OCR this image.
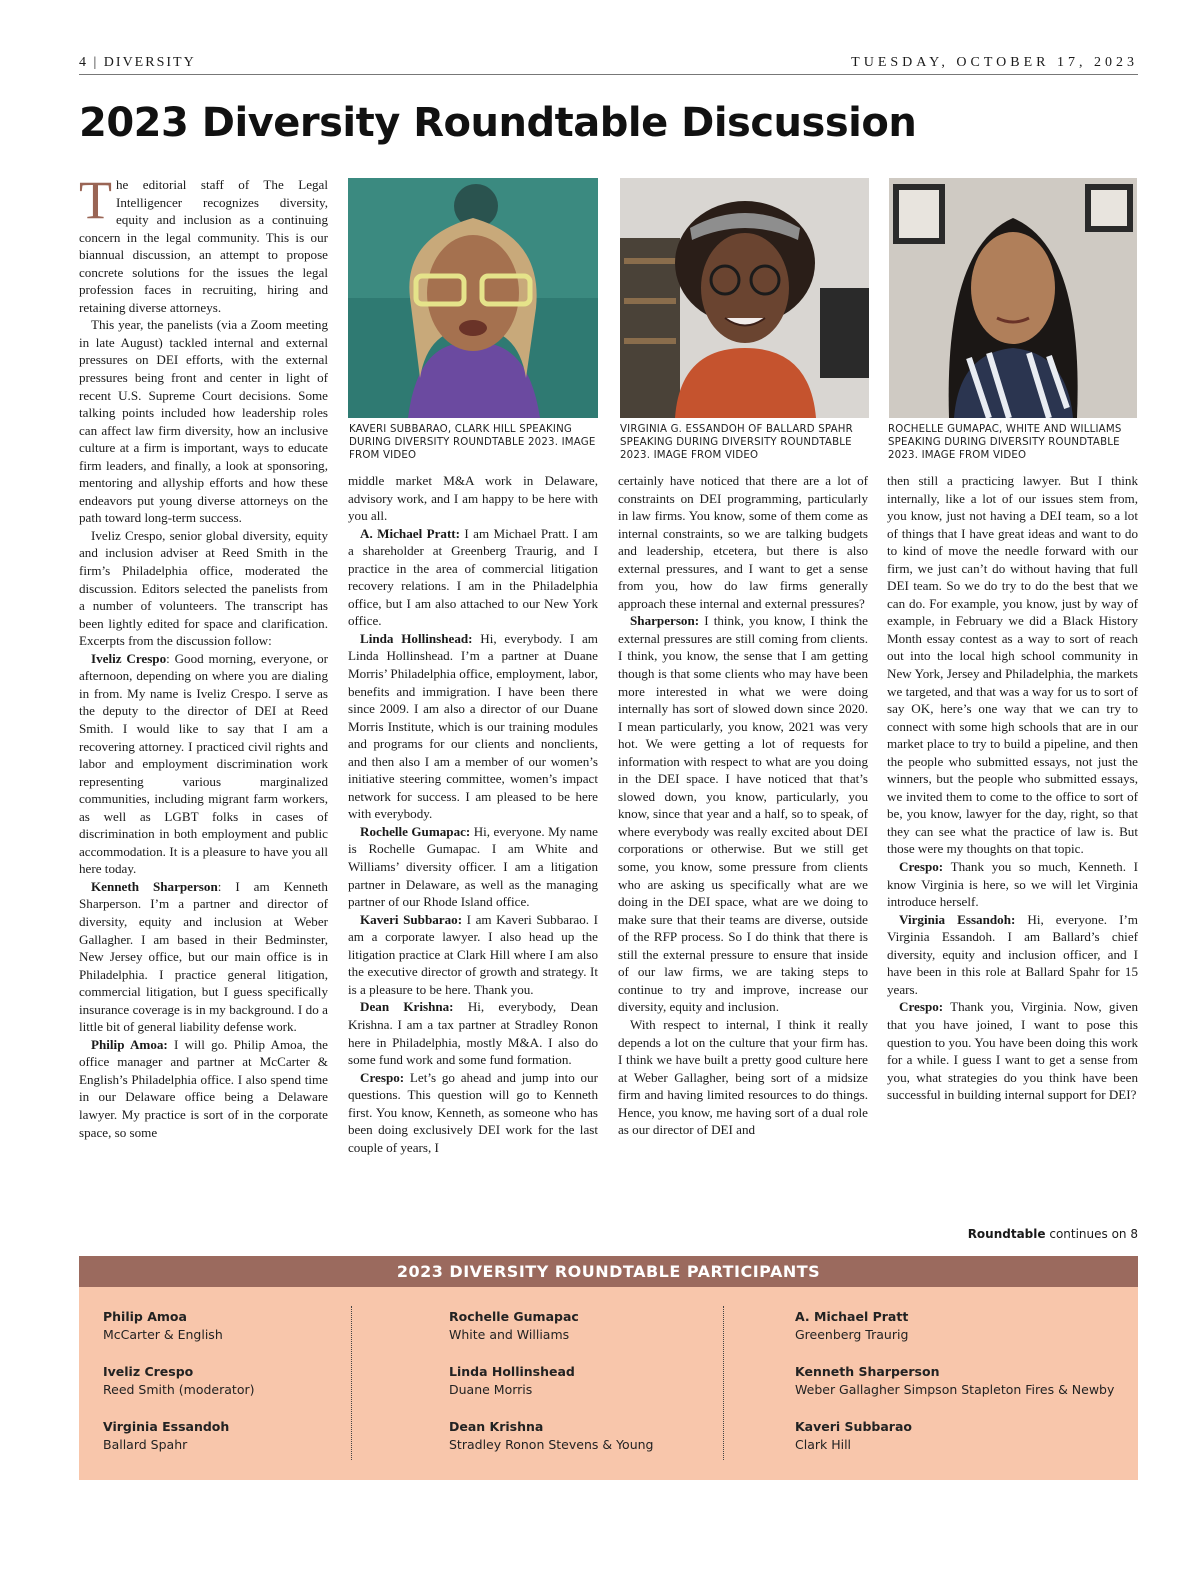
4 | DIVERSITY	TUESDAY, OCTOBER 17, 2023
2023 Diversity Roundtable Discussion
KAVERI SUBBARAO, CLARK HILL SPEAKING DURING DIVERSITY ROUNDTABLE 2023. IMAGE FROM VIDEO
VIRGINIA G. ESSANDOH OF BALLARD SPAHR SPEAKING DURING DIVERSITY ROUNDTABLE 2023. IMAGE FROM VIDEO
ROCHELLE GUMAPAC, WHITE AND WILLIAMS SPEAKING DURING DIVERSITY ROUNDTABLE 2023. IMAGE FROM VIDEO

The editorial staff of The Legal Intelligencer recognizes diversity, equity and inclusion as a continuing concern in the legal community. This is our biannual discussion, an attempt to propose concrete solutions for the issues the legal profession faces in recruiting, hiring and retaining diverse attorneys.

This year, the panelists (via a Zoom meeting in late August) tackled internal and external pressures on DEI efforts, with the external pressures being front and center in light of recent U.S. Supreme Court decisions. Some talking points included how leadership roles can affect law firm diversity, how an inclusive culture at a firm is important, ways to educate firm leaders, and finally, a look at sponsoring, mentoring and allyship efforts and how these endeavors put young diverse attorneys on the path toward long-term success.

Iveliz Crespo, senior global diversity, equity and inclusion adviser at Reed Smith in the firm’s Philadelphia office, moderated the discussion. Editors selected the panelists from a number of volunteers. The transcript has been lightly edited for space and clarification. Excerpts from the discussion follow:

Iveliz Crespo: Good morning, everyone, or afternoon, depending on where you are dialing in from. My name is Iveliz Crespo. I serve as the deputy to the director of DEI at Reed Smith. I would like to say that I am a recovering attorney. I practiced civil rights and labor and employment discrimination work representing various marginalized communities, including migrant farm workers, as well as LGBT folks in cases of discrimination in both employment and public accommodation. It is a pleasure to have you all here today.

Kenneth Sharperson: I am Kenneth Sharperson. I’m a partner and director of diversity, equity and inclusion at Weber Gallagher. I am based in their Bedminster, New Jersey office, but our main office is in Philadelphia. I practice general litigation, commercial litigation, but I guess specifically insurance coverage is in my background. I do a little bit of general liability defense work.

Philip Amoa: I will go. Philip Amoa, the office manager and partner at McCarter & English’s Philadelphia office. I also spend time in our Delaware office being a Delaware lawyer. My practice is sort of in the corporate space, so some

middle market M&A work in Delaware, advisory work, and I am happy to be here with you all.

A. Michael Pratt: I am Michael Pratt. I am a shareholder at Greenberg Traurig, and I practice in the area of commercial litigation recovery relations. I am in the Philadelphia office, but I am also attached to our New York office.

Linda Hollinshead: Hi, everybody. I am Linda Hollinshead. I’m a partner at Duane Morris’ Philadelphia office, employment, labor, benefits and immigration. I have been there since 2009. I am also a director of our Duane Morris Institute, which is our training modules and programs for our clients and nonclients, and then also I am a member of our women’s initiative steering committee, women’s impact network for success. I am pleased to be here with everybody.

Rochelle Gumapac: Hi, everyone. My name is Rochelle Gumapac. I am White and Williams’ diversity officer. I am a litigation partner in Delaware, as well as the managing partner of our Rhode Island office.

Kaveri Subbarao: I am Kaveri Subbarao. I am a corporate lawyer. I also head up the litigation practice at Clark Hill where I am also the executive director of growth and strategy. It is a pleasure to be here. Thank you.

Dean Krishna: Hi, everybody, Dean Krishna. I am a tax partner at Stradley Ronon here in Philadelphia, mostly M&A. I also do some fund work and some fund formation.

Crespo: Let’s go ahead and jump into our questions. This question will go to Kenneth first. You know, Kenneth, as someone who has been doing exclusively DEI work for the last couple of years, I

certainly have noticed that there are a lot of constraints on DEI programming, particularly in law firms. You know, some of them come as internal constraints, so we are talking budgets and leadership, etcetera, but there is also external pressures, and I want to get a sense from you, how do law firms generally approach these internal and external pressures?

Sharperson: I think, you know, I think the external pressures are still coming from clients. I think, you know, the sense that I am getting though is that some clients who may have been more interested in what we were doing internally has sort of slowed down since 2020. I mean particularly, you know, 2021 was very hot. We were getting a lot of requests for information with respect to what are you doing in the DEI space. I have noticed that that’s slowed down, you know, particularly, you know, since that year and a half, so to speak, of where everybody was really excited about DEI corporations or otherwise. But we still get some, you know, some pressure from clients who are asking us specifically what are we doing in the DEI space, what are we doing to make sure that their teams are diverse, outside of the RFP process. So I do think that there is still the external pressure to ensure that inside of our law firms, we are taking steps to continue to try and improve, increase our diversity, equity and inclusion.

With respect to internal, I think it really depends a lot on the culture that your firm has. I think we have built a pretty good culture here at Weber Gallagher, being sort of a midsize firm and having limited resources to do things. Hence, you know, me having sort of a dual role as our director of DEI and

then still a practicing lawyer. But I think internally, like a lot of our issues stem from, you know, just not having a DEI team, so a lot of things that I have great ideas and want to do to kind of move the needle forward with our firm, we just can’t do without having that full DEI team. So we do try to do the best that we can do. For example, you know, just by way of example, in February we did a Black History Month essay contest as a way to sort of reach out into the local high school community in New York, Jersey and Philadelphia, the markets we targeted, and that was a way for us to sort of say OK, here’s one way that we can try to connect with some high schools that are in our market place to try to build a pipeline, and then the people who submitted essays, not just the winners, but the people who submitted essays, we invited them to come to the office to sort of be, you know, lawyer for the day, right, so that they can see what the practice of law is. But those were my thoughts on that topic.

Crespo: Thank you so much, Kenneth. I know Virginia is here, so we will let Virginia introduce herself.

Virginia Essandoh: Hi, everyone. I’m Virginia Essandoh. I am Ballard’s chief diversity, equity and inclusion officer, and I have been in this role at Ballard Spahr for 15 years.

Crespo: Thank you, Virginia. Now, given that you have joined, I want to pose this question to you. You have been doing this work for a while. I guess I want to get a sense from you, what strategies do you think have been successful in building internal support for DEI?

Roundtable continues on 8
2023 DIVERSITY ROUNDTABLE PARTICIPANTS
Philip Amoa
McCarter & English
Iveliz Crespo
Reed Smith (moderator)
Virginia Essandoh
Ballard Spahr
Rochelle Gumapac
White and Williams
Linda Hollinshead
Duane Morris
Dean Krishna
Stradley Ronon Stevens & Young
A. Michael Pratt
Greenberg Traurig
Kenneth Sharperson
Weber Gallagher Simpson Stapleton Fires & Newby
Kaveri Subbarao
Clark Hill
